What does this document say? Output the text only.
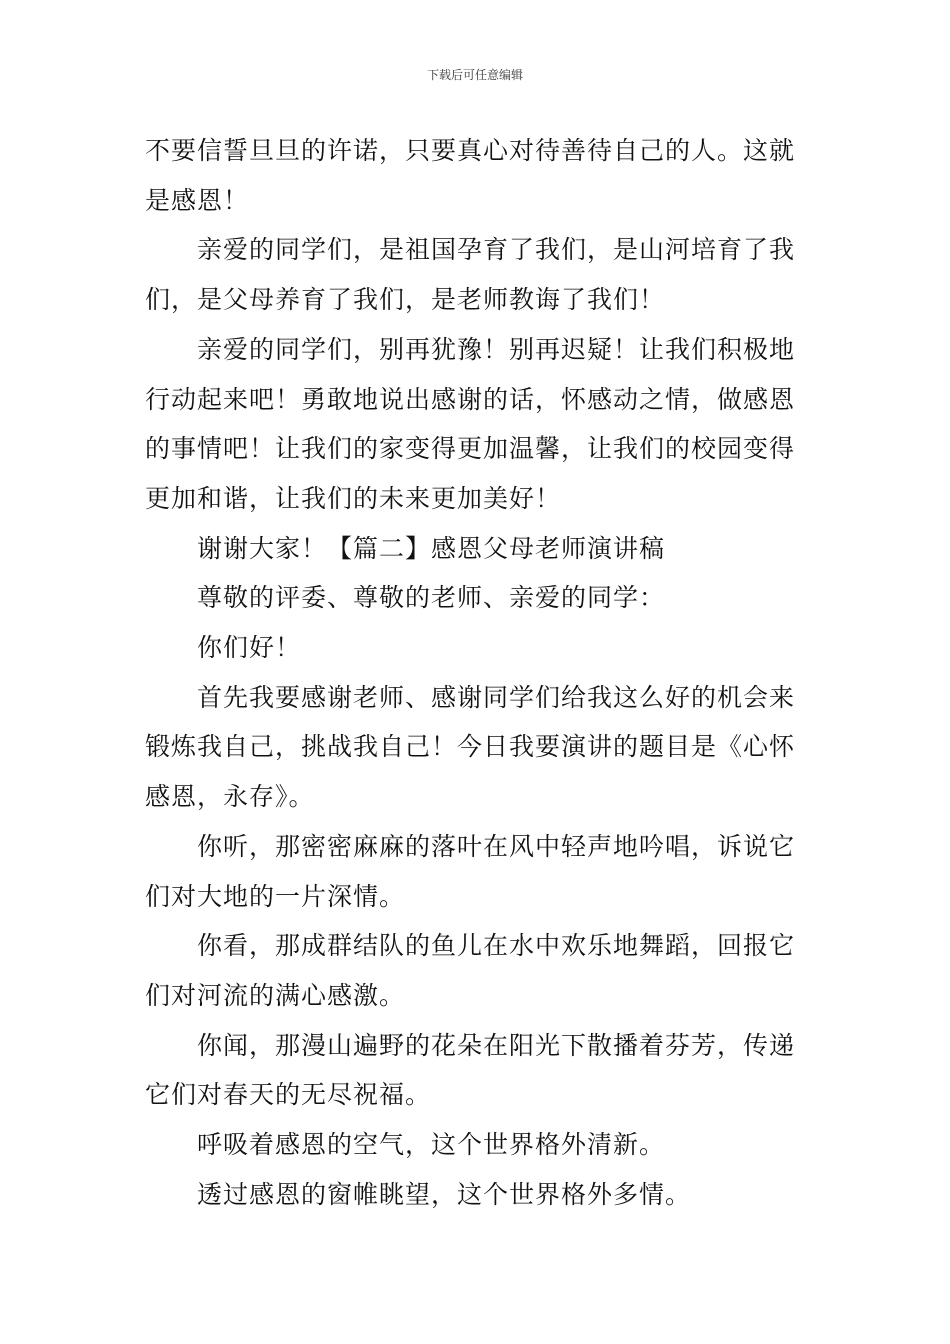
下载后可任意编辑

不要信誓旦旦的许诺，只要真心对待善待自己的人。这就

是感恩！

亲爱的同学们，是祖国孕育了我们，是山河培育了我

们，是父母养育了我们，是老师教诲了我们！

亲爱的同学们，别再犹豫！别再迟疑！让我们积极地

行动起来吧！勇敢地说出感谢的话，怀感动之情，做感恩

的事情吧！让我们的家变得更加温馨，让我们的校园变得

更加和谐，让我们的未来更加美好！

谢谢大家！【篇二】感恩父母老师演讲稿

尊敬的评委、尊敬的老师、亲爱的同学：

你们好！

首先我要感谢老师、感谢同学们给我这么好的机会来

锻炼我自己，挑战我自己！今日我要演讲的题目是《心怀

感恩，永存》。

你听，那密密麻麻的落叶在风中轻声地吟唱，诉说它

们对大地的一片深情。

你看，那成群结队的鱼儿在水中欢乐地舞蹈，回报它

们对河流的满心感激。

你闻，那漫山遍野的花朵在阳光下散播着芬芳，传递

它们对春天的无尽祝福。

呼吸着感恩的空气，这个世界格外清新。

透过感恩的窗帷眺望，这个世界格外多情。
